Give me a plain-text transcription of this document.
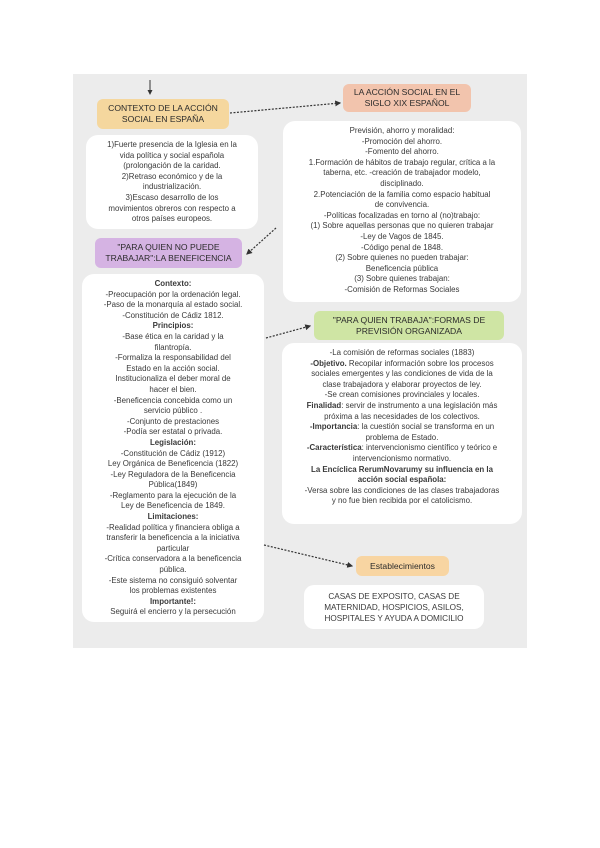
CONTEXTO DE LA ACCIÓN
SOCIAL EN ESPAÑA
LA ACCIÓN SOCIAL EN EL
SIGLO XIX ESPAÑOL
"PARA QUIEN NO PUEDE
TRABAJAR":LA BENEFICENCIA
"PARA QUIEN TRABAJA":FORMAS DE
PREVISIÓN ORGANIZADA
Establecimientos
1)Fuerte presencia de la Iglesia en la
vida política y social española
(prolongación de la caridad.
2)Retraso económico y de la
industrialización.
3)Escaso desarrollo de los
movimientos obreros con respecto a
otros países europeos.
Previsión, ahorro y moralidad:
-Promoción del ahorro.
-Fomento del ahorro.
1.Formación de hábitos de trabajo regular, crítica a la
taberna, etc. -creación de trabajador modelo,
disciplinado.
2.Potenciación de la familia como espacio habitual
de convivencia.
-Políticas focalizadas en torno al (no)trabajo:
(1) Sobre aquellas personas que no quieren trabajar
-Ley de Vagos de 1845.
-Código penal de 1848.
(2) Sobre quienes no pueden trabajar:
Beneficencia pública
(3) Sobre quienes trabajan:
-Comisión de Reformas Sociales
Contexto:
-Preocupación por la ordenación legal.
-Paso de la monarquía al estado social.
-Constitución de Cádiz 1812.
Principios:
-Base ética en la caridad y la
filantropía.
-Formaliza la responsabilidad del
Estado en la acción social.
Institucionaliza el deber moral de
hacer el bien.
-Beneficencia concebida como un
servicio público .
-Conjunto de prestaciones
-Podía ser estatal o privada.
Legislación:
-Constitución de Cádiz (1912)
Ley Orgánica de Beneficencia (1822)
-Ley Reguladora de la Beneficencia
Pública(1849)
-Reglamento para la ejecución de la
Ley de Beneficencia de 1849.
Limitaciones:
-Realidad política y financiera obliga a
transferir la beneficencia a la iniciativa
particular
-Crítica conservadora a la beneficencia
pública.
-Este sistema no consiguió solventar
los problemas existentes
Importante!:
Seguirá el encierro y la persecución
-La comisión de reformas sociales (1883)
-Objetivo. Recopilar información sobre los procesos
sociales emergentes y las condiciones de vida de la
clase trabajadora y elaborar proyectos de ley.
-Se crean comisiones provinciales y locales.
Finalidad: servir de instrumento a una legislación más
próxima a las necesidades de los colectivos.
-Importancia: la cuestión social se transforma en un
problema de Estado.
-Característica: intervencionismo científico y teórico e
intervencionismo normativo.
La Encíclica RerumNovarumy su influencia en la
acción social española:
-Versa sobre las condiciones de las clases trabajadoras
y no fue bien recibida por el catolicismo.
CASAS DE EXPOSITO, CASAS DE
MATERNIDAD, HOSPICIOS, ASILOS,
HOSPITALES Y AYUDA A DOMICILIO
